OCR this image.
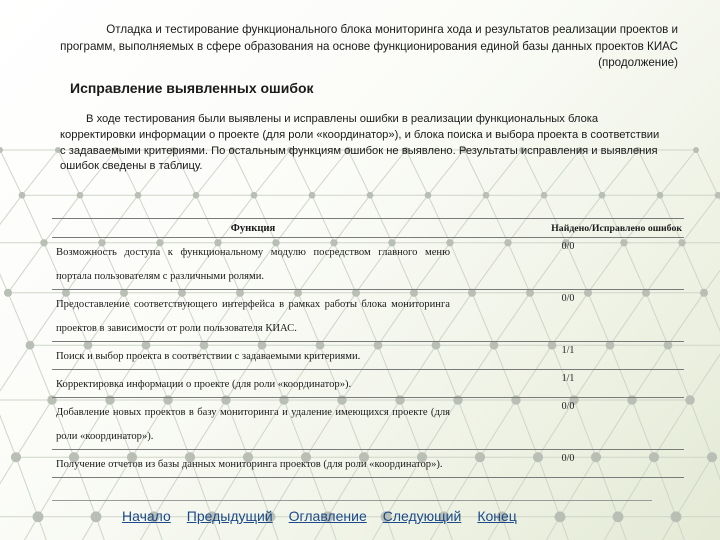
Отладка и тестирование функционального блока мониторинга хода и результатов реализации проектов и программ, выполняемых в сфере образования на основе функционирования единой базы данных проектов КИАС (продолжение)
Исправление выявленных ошибок
В ходе тестирования были выявлены и исправлены ошибки в реализации функциональных блока корректировки информации о проекте (для роли «координатор»), и блока поиска и выбора проекта в соответствии с задаваемыми критериями. По остальным функциям ошибок не выявлено. Результаты исправления и выявления ошибок сведены в таблицу.
Функция	Найдено/Исправлено ошибок
Возможность доступа к функциональному модулю посредством главного меню портала пользователям с различными ролями.
0/0
Предоставление соответствующего интерфейса в рамках работы блока мониторинга проектов в зависимости от роли пользователя КИАС.
0/0
Поиск и выбор проекта в соответствии с задаваемыми критериями.
1/1
Корректировка информации о проекте (для роли «координатор»).
1/1
Добавление новых проектов в базу мониторинга и удаление имеющихся проекте (для роли «координатор»).
0/0
Получение отчетов из базы данных мониторинга проектов (для роли «координатор»).
0/0
Начало Предыдущий Оглавление Следующий Конец
